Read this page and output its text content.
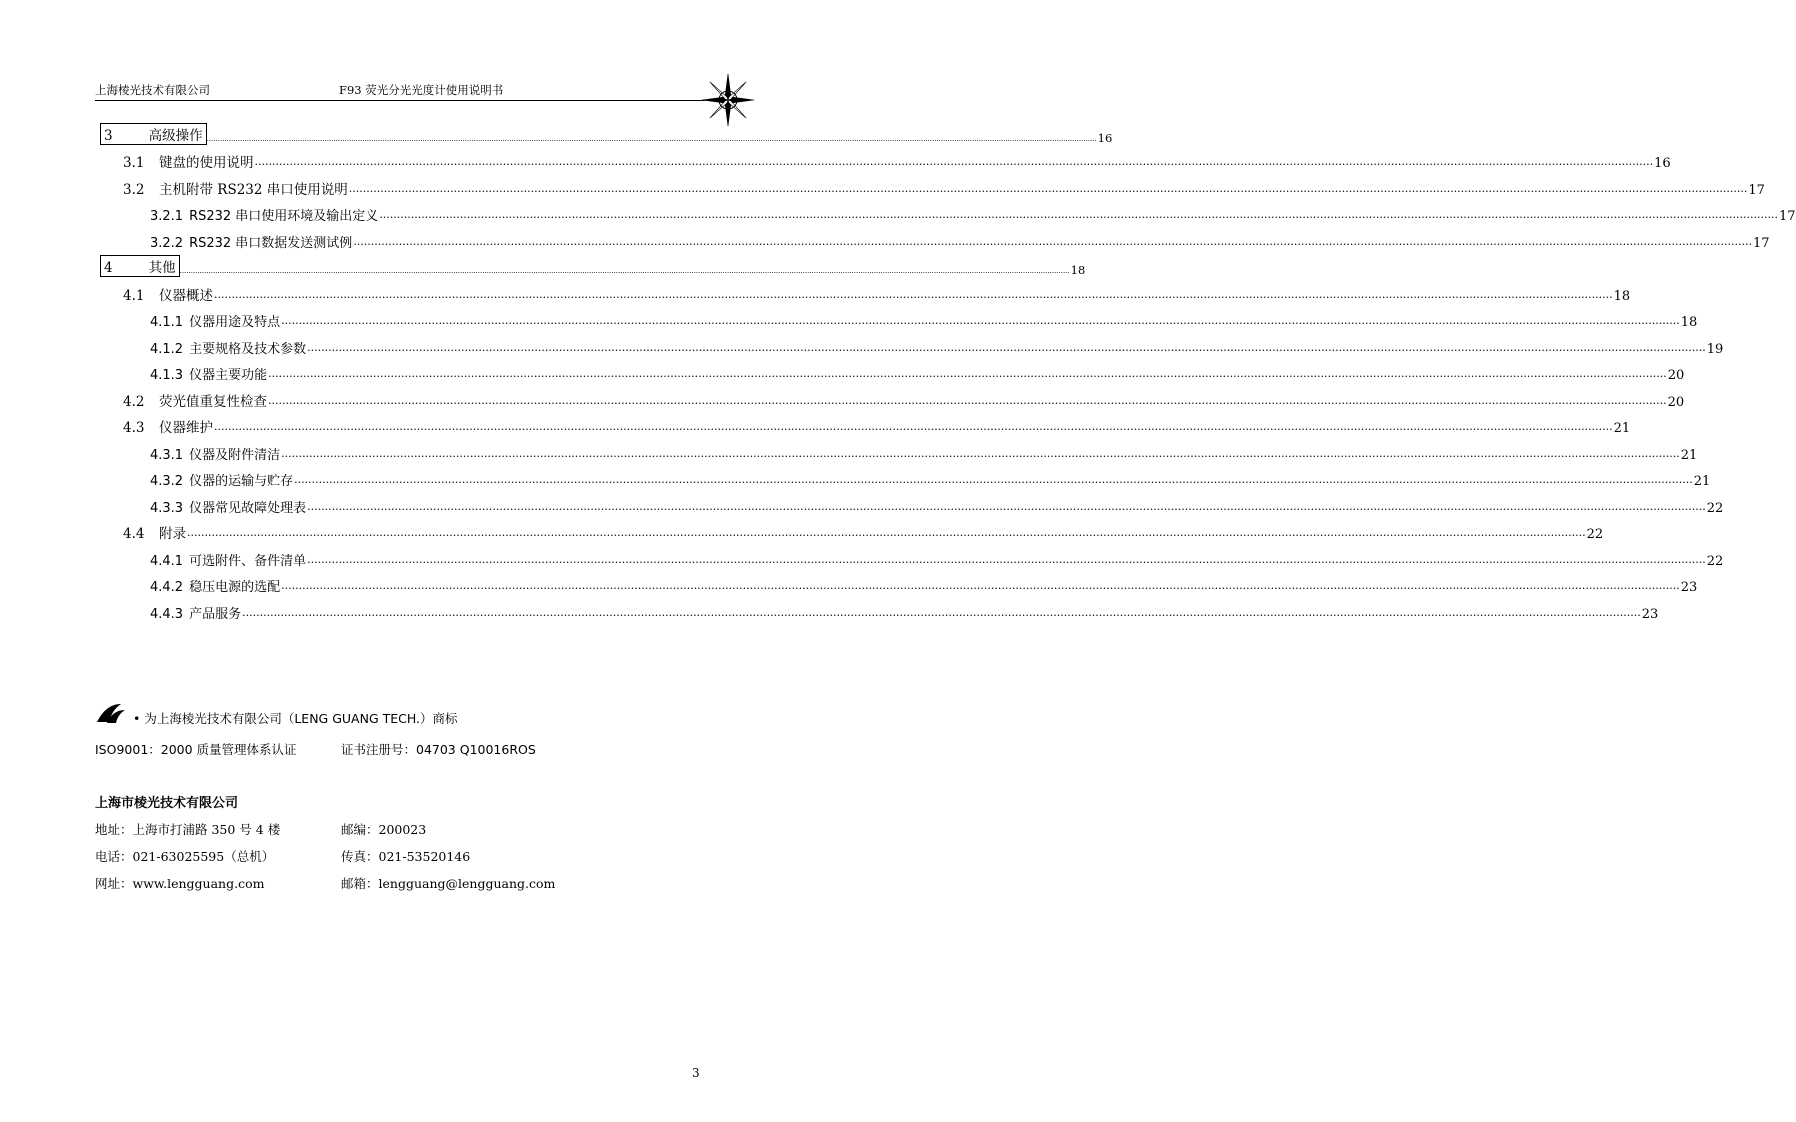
上海棱光技术有限公司	F93 荧光分光光度计使用说明书
3	高级操作 ................................................................................................................................................................................................................................................................................................................................................................................................................ 16
3.1 键盘的使用说明 ................................................................................................................................................................................................................................................................................................................................................................................................................ 16
3.2 主机附带 RS232 串口使用说明 ................................................................................................................................................................................................................................................................................................................................................................................................................ 17
3.2.1 RS232 串口使用环境及输出定义 ................................................................................................................................................................................................................................................................................................................................................................................................................ 17
3.2.2 RS232 串口数据发送测试例 ................................................................................................................................................................................................................................................................................................................................................................................................................ 17
4	其他 ................................................................................................................................................................................................................................................................................................................................................................................................................ 18
4.1 仪器概述 ................................................................................................................................................................................................................................................................................................................................................................................................................ 18
4.1.1 仪器用途及特点 ................................................................................................................................................................................................................................................................................................................................................................................................................ 18
4.1.2 主要规格及技术参数 ................................................................................................................................................................................................................................................................................................................................................................................................................ 19
4.1.3 仪器主要功能 ................................................................................................................................................................................................................................................................................................................................................................................................................ 20
4.2 荧光值重复性检查 ................................................................................................................................................................................................................................................................................................................................................................................................................ 20
4.3 仪器维护 ................................................................................................................................................................................................................................................................................................................................................................................................................ 21
4.3.1 仪器及附件清洁 ................................................................................................................................................................................................................................................................................................................................................................................................................ 21
4.3.2 仪器的运输与贮存 ................................................................................................................................................................................................................................................................................................................................................................................................................ 21
4.3.3 仪器常见故障处理表 ................................................................................................................................................................................................................................................................................................................................................................................................................ 22
4.4 附录 ................................................................................................................................................................................................................................................................................................................................................................................................................ 22
4.4.1 可选附件、备件清单 ................................................................................................................................................................................................................................................................................................................................................................................................................ 22
4.4.2 稳压电源的选配 ................................................................................................................................................................................................................................................................................................................................................................................................................ 23
4.4.3 产品服务 ................................................................................................................................................................................................................................................................................................................................................................................................................ 23
• 为上海棱光技术有限公司（LENG GUANG TECH.）商标
ISO9001：2000 质量管理体系认证	证书注册号：04703 Q10016ROS
上海市棱光技术有限公司
地址：上海市打浦路 350 号 4 楼	邮编：200023
电话：021-63025595（总机）	传真：021-53520146
网址：www.lengguang.com	邮箱：lengguang@lengguang.com
3
